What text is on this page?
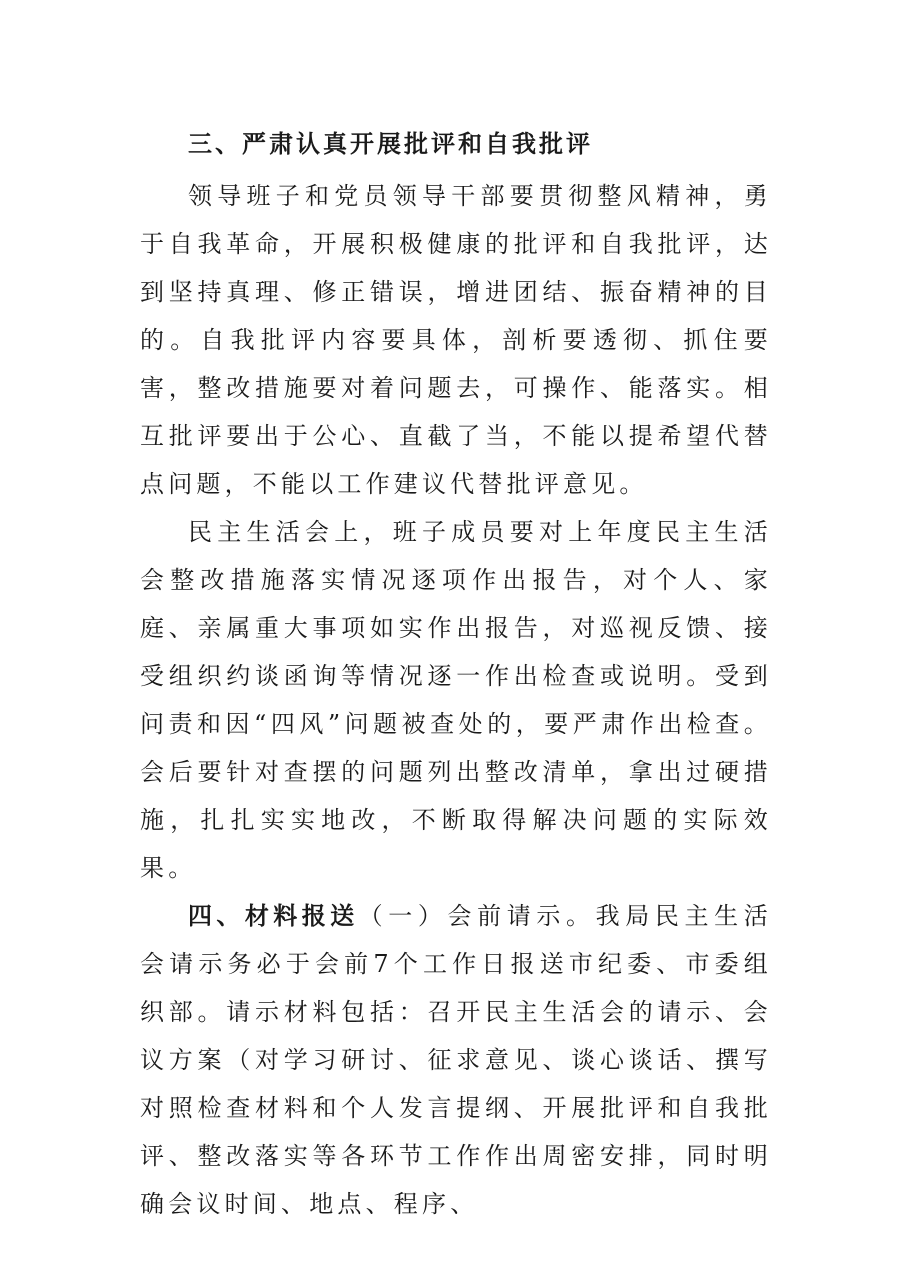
三、严肃认真开展批评和自我批评

领导班子和党员领导干部要贯彻整风精神，勇于自我革命，开展积极健康的批评和自我批评，达到坚持真理、修正错误，增进团结、振奋精神的目的。自我批评内容要具体，剖析要透彻、抓住要害，整改措施要对着问题去，可操作、能落实。相互批评要出于公心、直截了当，不能以提希望代替点问题，不能以工作建议代替批评意见。

民主生活会上，班子成员要对上年度民主生活会整改措施落实情况逐项作出报告，对个人、家庭、亲属重大事项如实作出报告，对巡视反馈、接受组织约谈函询等情况逐一作出检查或说明。受到问责和因“四风”问题被查处的，要严肃作出检查。会后要针对查摆的问题列出整改清单，拿出过硬措施，扎扎实实地改，不断取得解决问题的实际效果。

四、材料报送（一）会前请示。我局民主生活会请示务必于会前7个工作日报送市纪委、市委组织部。请示材料包括：召开民主生活会的请示、会议方案（对学习研讨、征求意见、谈心谈话、撰写对照检查材料和个人发言提纲、开展批评和自我批评、整改落实等各环节工作作出周密安排，同时明确会议时间、地点、程序、
